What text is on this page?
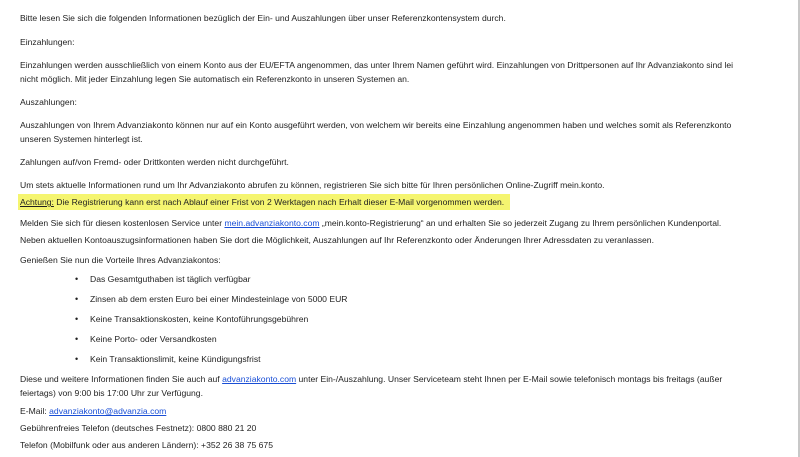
Bitte lesen Sie sich die folgenden Informationen bezüglich der Ein- und Auszahlungen über unser Referenzkontensystem durch.

Einzahlungen:

Einzahlungen werden ausschließlich von einem Konto aus der EU/EFTA angenommen, das unter Ihrem Namen geführt wird. Einzahlungen von Drittpersonen auf Ihr Advanziakonto sind lei

nicht möglich. Mit jeder Einzahlung legen Sie automatisch ein Referenzkonto in unseren Systemen an.

Auszahlungen:

Auszahlungen von Ihrem Advanziakonto können nur auf ein Konto ausgeführt werden, von welchem wir bereits eine Einzahlung angenommen haben und welches somit als Referenzkonto

unseren Systemen hinterlegt ist.

Zahlungen auf/von Fremd- oder Drittkonten werden nicht durchgeführt.

Um stets aktuelle Informationen rund um Ihr Advanziakonto abrufen zu können, registrieren Sie sich bitte für Ihren persönlichen Online-Zugriff mein.konto.

Achtung: Die Registrierung kann erst nach Ablauf einer Frist von 2 Werktagen nach Erhalt dieser E-Mail vorgenommen werden.

Melden Sie sich für diesen kostenlosen Service unter mein.advanziakonto.com „mein.konto-Registrierung“ an und erhalten Sie so jederzeit Zugang zu Ihrem persönlichen Kundenportal.

Neben aktuellen Kontoauszugsinformationen haben Sie dort die Möglichkeit, Auszahlungen auf Ihr Referenzkonto oder Änderungen Ihrer Adressdaten zu veranlassen.

Genießen Sie nun die Vorteile Ihres Advanziakontos:

• Das Gesamtguthaben ist täglich verfügbar
• Zinsen ab dem ersten Euro bei einer Mindesteinlage von 5000 EUR
• Keine Transaktionskosten, keine Kontoführungsgebühren
• Keine Porto- oder Versandkosten
• Kein Transaktionslimit, keine Kündigungsfrist

Diese und weitere Informationen finden Sie auch auf advanziakonto.com unter Ein-/Auszahlung. Unser Serviceteam steht Ihnen per E-Mail sowie telefonisch montags bis freitags (außer

feiertags) von 9:00 bis 17:00 Uhr zur Verfügung.

E-Mail: advanziakonto@advanzia.com

Gebührenfreies Telefon (deutsches Festnetz): 0800 880 21 20

Telefon (Mobilfunk oder aus anderen Ländern): +352 26 38 75 675
